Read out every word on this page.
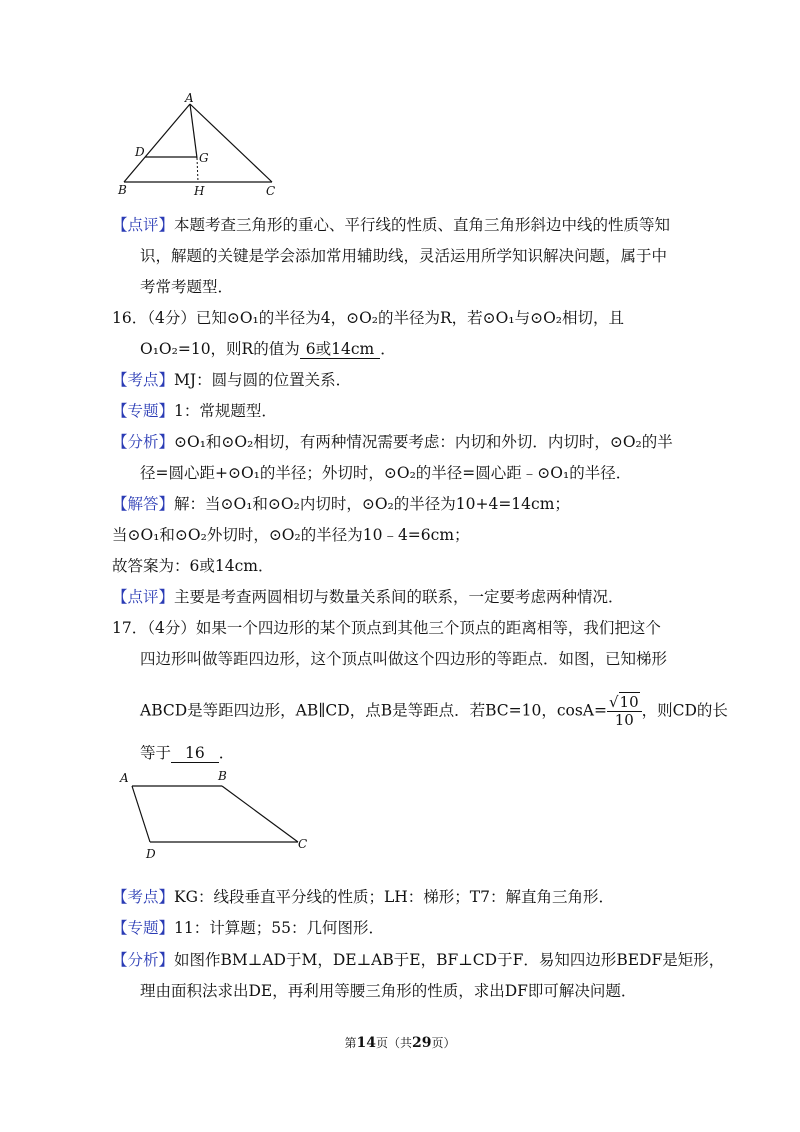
A
D	G
B	H	C
【点评】本题考查三角形的重心、平行线的性质、直角三角形斜边中线的性质等知
识，解题的关键是学会添加常用辅助线，灵活运用所学知识解决问题，属于中
考常考题型．
16．（4分）已知⊙O₁的半径为4，⊙O₂的半径为R，若⊙O₁与⊙O₂相切，且
O₁O₂=10，则R的值为 6或14cm ．
【考点】MJ：圆与圆的位置关系．
【专题】1：常规题型．
【分析】⊙O₁和⊙O₂相切，有两种情况需要考虑：内切和外切．内切时，⊙O₂的半
径=圆心距+⊙O₁的半径；外切时，⊙O₂的半径=圆心距﹣⊙O₁的半径．
【解答】解：当⊙O₁和⊙O₂内切时，⊙O₂的半径为10+4=14cm；
当⊙O₁和⊙O₂外切时，⊙O₂的半径为10﹣4=6cm；
故答案为：6或14cm．
【点评】主要是考查两圆相切与数量关系间的联系，一定要考虑两种情况．
17．（4分）如果一个四边形的某个顶点到其他三个顶点的距离相等，我们把这个
四边形叫做等距四边形，这个顶点叫做这个四边形的等距点．如图，已知梯形
ABCD是等距四边形，AB∥CD，点B是等距点．若BC=10，$\cos A= \frac{√10}{10}$ ，则CD的长
等于 16 ．
A	B
D
C
【考点】KG：线段垂直平分线的性质；LH：梯形；T7：解直角三角形．
【专题】11：计算题；55：几何图形．
【分析】如图作BM⊥AD于M，DE⊥AB于E，BF⊥CD于F．易知四边形BEDF是矩形，
理由面积法求出DE，再利用等腰三角形的性质，求出DF即可解决问题．
第14页（共29页）
